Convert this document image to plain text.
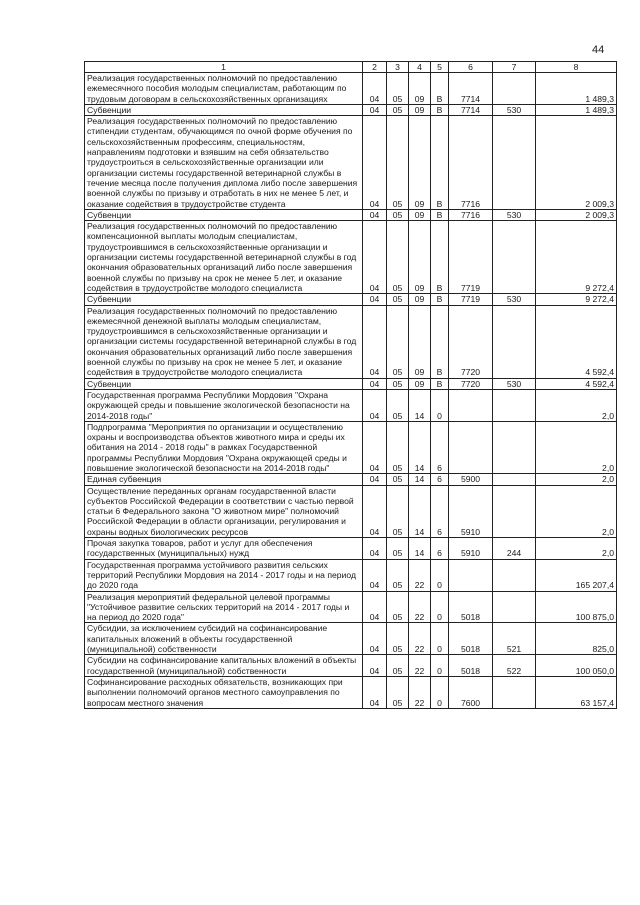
44
1	2	3	4	5	6	7	8
Реализация государственных полномочий по предоставлению ежемесячного пособия молодым специалистам, работающим по трудовым договорам в сельскохозяйственных организациях	04	05	09	В	7714		1 489,3
Субвенции	04	05	09	В	7714	530	1 489,3
Реализация государственных полномочий по предоставлению стипендии студентам, обучающимся по очной форме обучения по сельскохозяйственным профессиям, специальностям, направлениям подготовки и взявшим на себя обязательство трудоустроиться в сельскохозяйственные организации или организации системы государственной ветеринарной службы в течение месяца после получения диплома либо после завершения военной службы по призыву и отработать в них не менее 5 лет, и оказание содействия в трудоустройстве студента	04	05	09	В	7716		2 009,3
Субвенции	04	05	09	В	7716	530	2 009,3
Реализация государственных полномочий по предоставлению компенсационной выплаты молодым специалистам, трудоустроившимся в сельскохозяйственные организации и организации системы государственной ветеринарной службы в год окончания образовательных организаций либо после завершения военной службы по призыву на срок не менее 5 лет, и оказание содействия в трудоустройстве молодого специалиста	04	05	09	В	7719		9 272,4
Субвенции	04	05	09	В	7719	530	9 272,4
Реализация государственных полномочий по предоставлению ежемесячной денежной выплаты молодым специалистам, трудоустроившимся в сельскохозяйственные организации и организации системы государственной ветеринарной службы в год окончания образовательных организаций либо после завершения военной службы по призыву на срок не менее 5 лет, и оказание содействия в трудоустройстве молодого специалиста	04	05	09	В	7720		4 592,4
Субвенции	04	05	09	В	7720	530	4 592,4
Государственная программа Республики Мордовия "Охрана окружающей среды и повышение экологической безопасности на 2014-2018 годы"	04	05	14	0			2,0
Подпрограмма "Мероприятия по организации и осуществлению охраны и воспроизводства объектов животного мира и среды их обитания на 2014 - 2018 годы" в рамках Государственной программы Республики Мордовия "Охрана окружающей среды и повышение экологической безопасности на 2014-2018 годы"	04	05	14	6			2,0
Единая субвенция	04	05	14	6	5900		2,0
Осуществление переданных органам государственной власти субъектов Российской Федерации в соответствии с частью первой статьи 6 Федерального закона "О животном мире" полномочий Российской Федерации в области организации, регулирования и охраны водных биологических ресурсов	04	05	14	6	5910		2,0
Прочая закупка товаров, работ и услуг для обеспечения государственных (муниципальных) нужд	04	05	14	6	5910	244	2,0
Государственная программа устойчивого развития сельских территорий Республики Мордовия на 2014 - 2017 годы и на период до 2020 года	04	05	22	0			165 207,4
Реализация мероприятий федеральной целевой программы "Устойчивое развитие сельских территорий на 2014 - 2017 годы и на период до 2020 года"	04	05	22	0	5018		100 875,0
Субсидии, за исключением субсидий на софинансирование капитальных вложений в объекты государственной (муниципальной) собственности	04	05	22	0	5018	521	825,0
Субсидии на софинансирование капитальных вложений в объекты государственной (муниципальной) собственности	04	05	22	0	5018	522	100 050,0
Софинансирование расходных обязательств, возникающих при выполнении полномочий органов местного самоуправления по вопросам местного значения	04	05	22	0	7600		63 157,4
